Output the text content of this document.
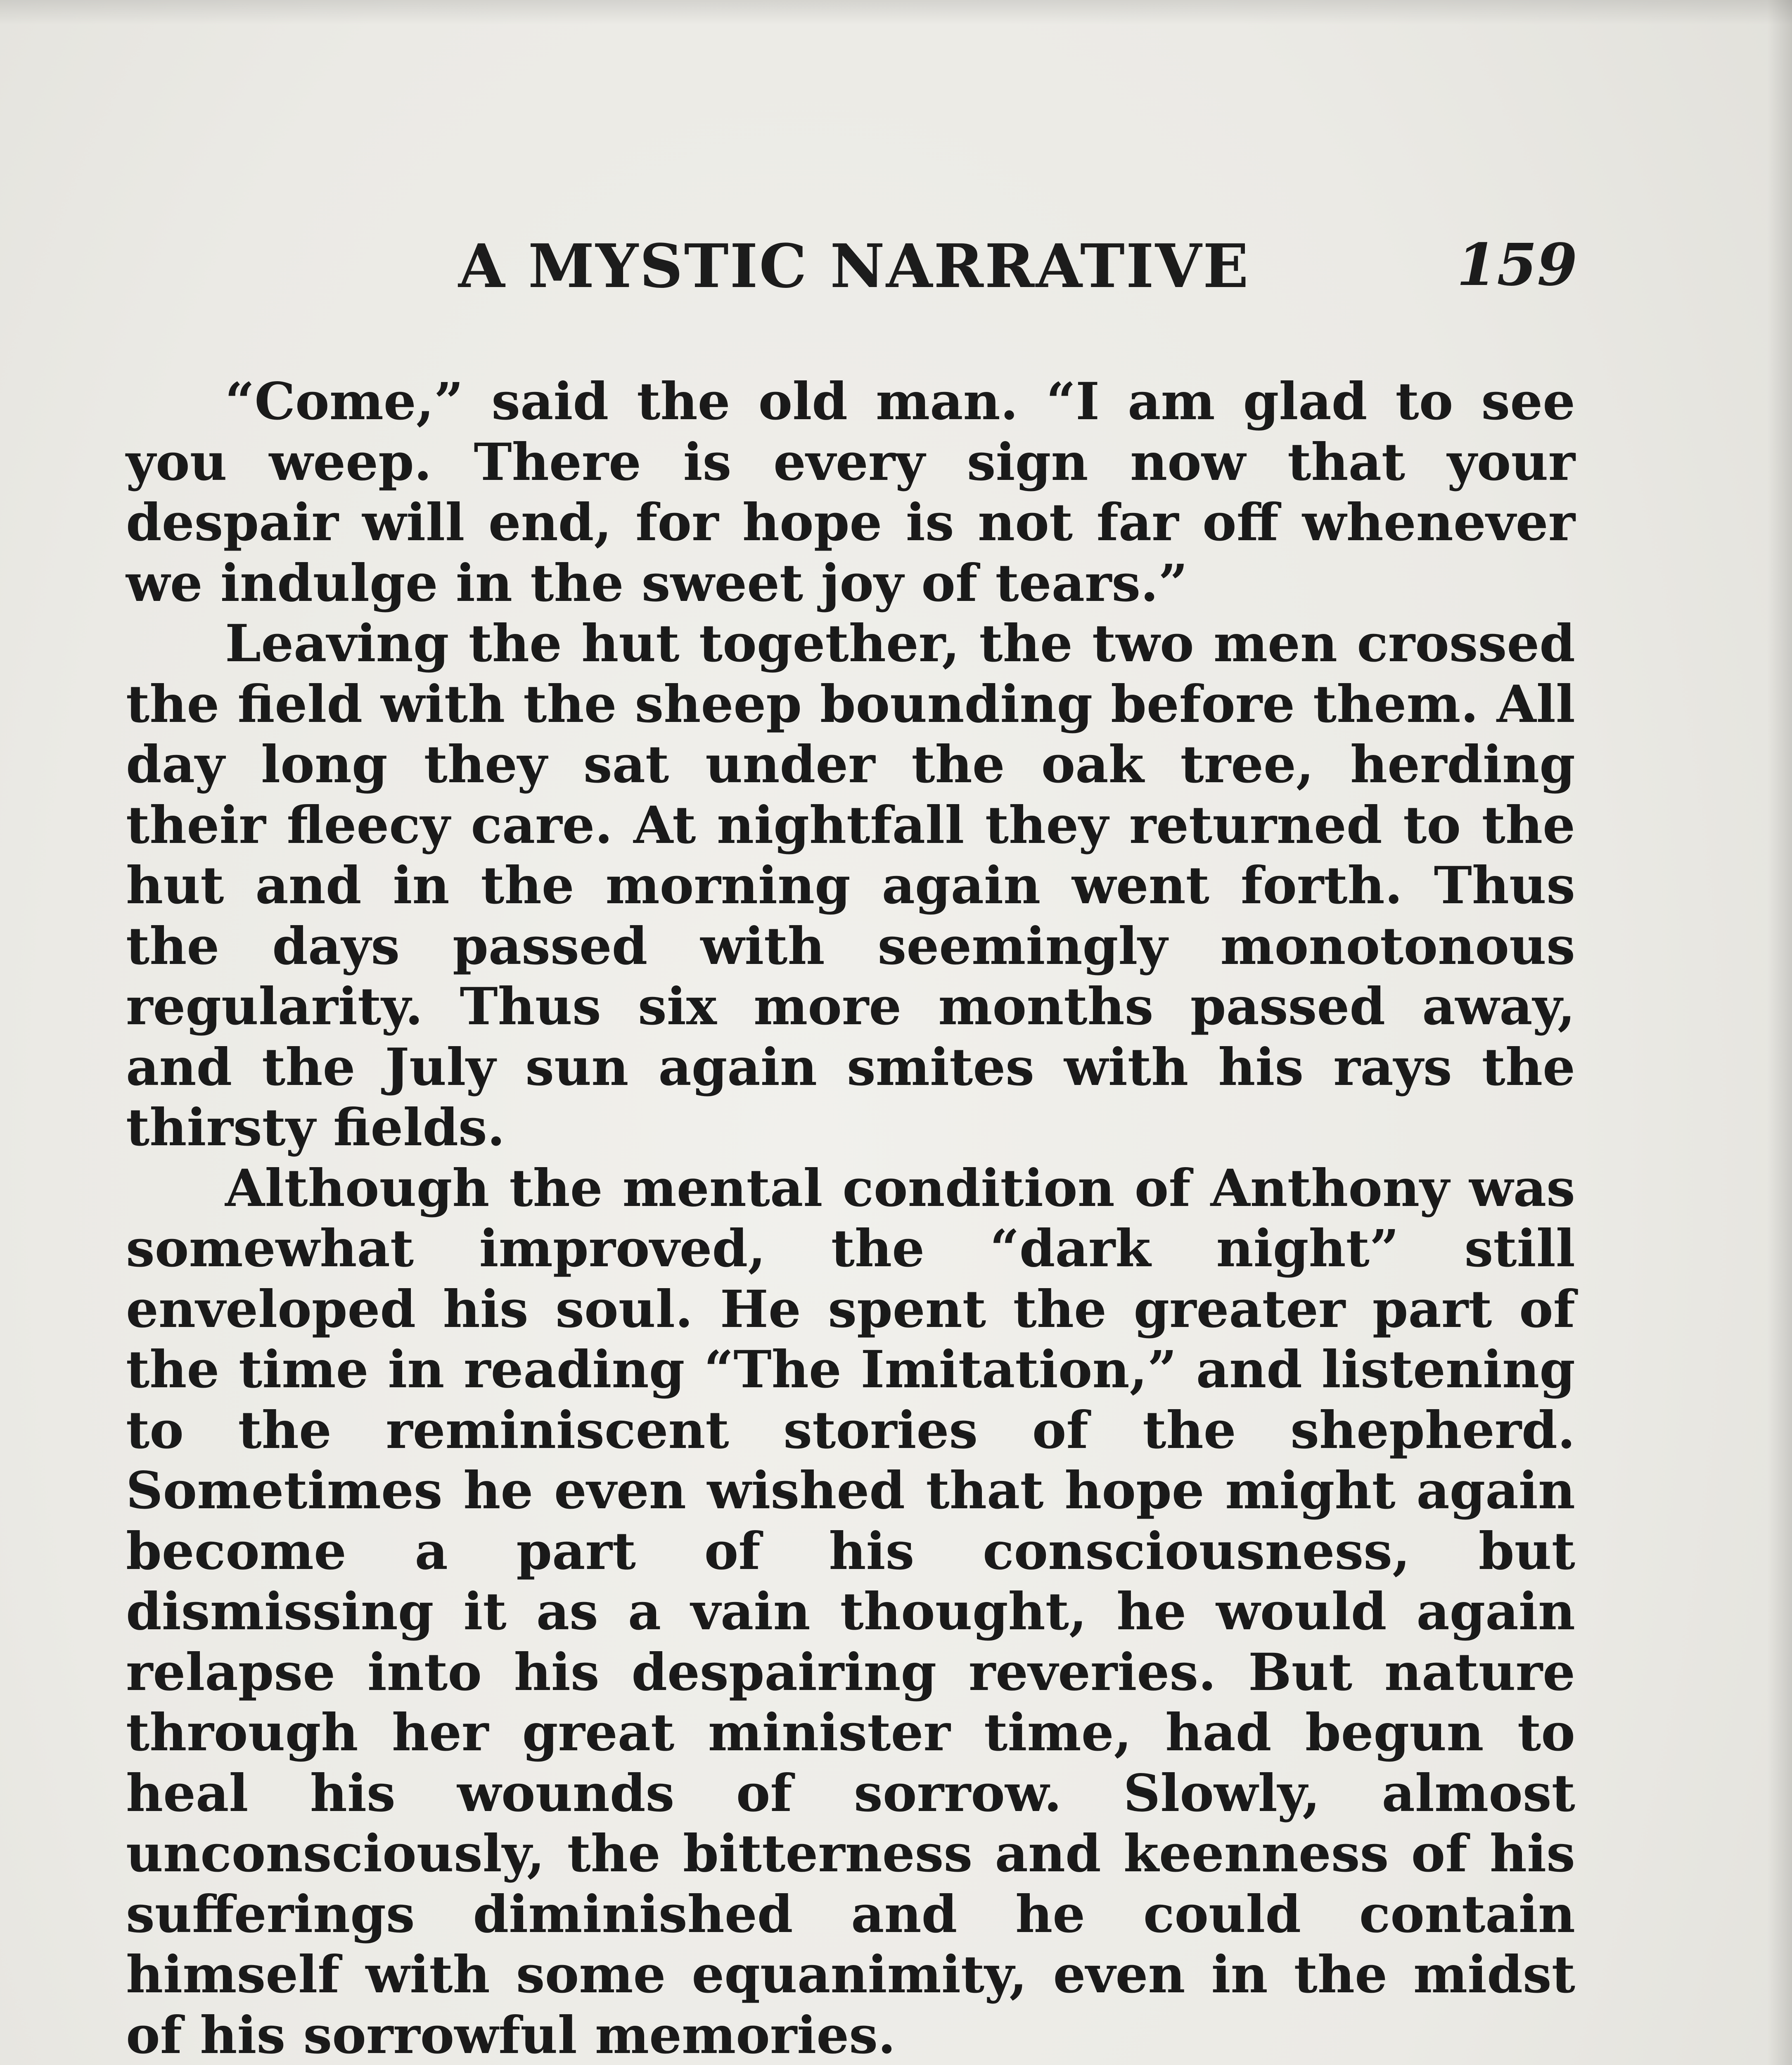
A MYSTIC NARRATIVE	159

“Come,” said the old man. “I am glad to see you weep. There is every sign now that your despair will end, for hope is not far off whenever we indulge in the sweet joy of tears.”

Leaving the hut together, the two men crossed the field with the sheep bounding before them. All day long they sat under the oak tree, herding their fleecy care. At nightfall they returned to the hut and in the morning again went forth. Thus the days passed with seemingly monotonous regularity. Thus six more months passed away, and the July sun again smites with his rays the thirsty fields.

Although the mental condition of Anthony was somewhat improved, the “dark night” still enveloped his soul. He spent the greater part of the time in reading “The Imitation,” and listening to the reminiscent stories of the shepherd. Sometimes he even wished that hope might again become a part of his consciousness, but dismissing it as a vain thought, he would again relapse into his despairing reveries. But nature through her great minister time, had begun to heal his wounds of sorrow. Slowly, almost unconsciously, the bitterness and keenness of his sufferings diminished and he could contain himself with some equanimity, even in the midst of his sorrowful memories.
